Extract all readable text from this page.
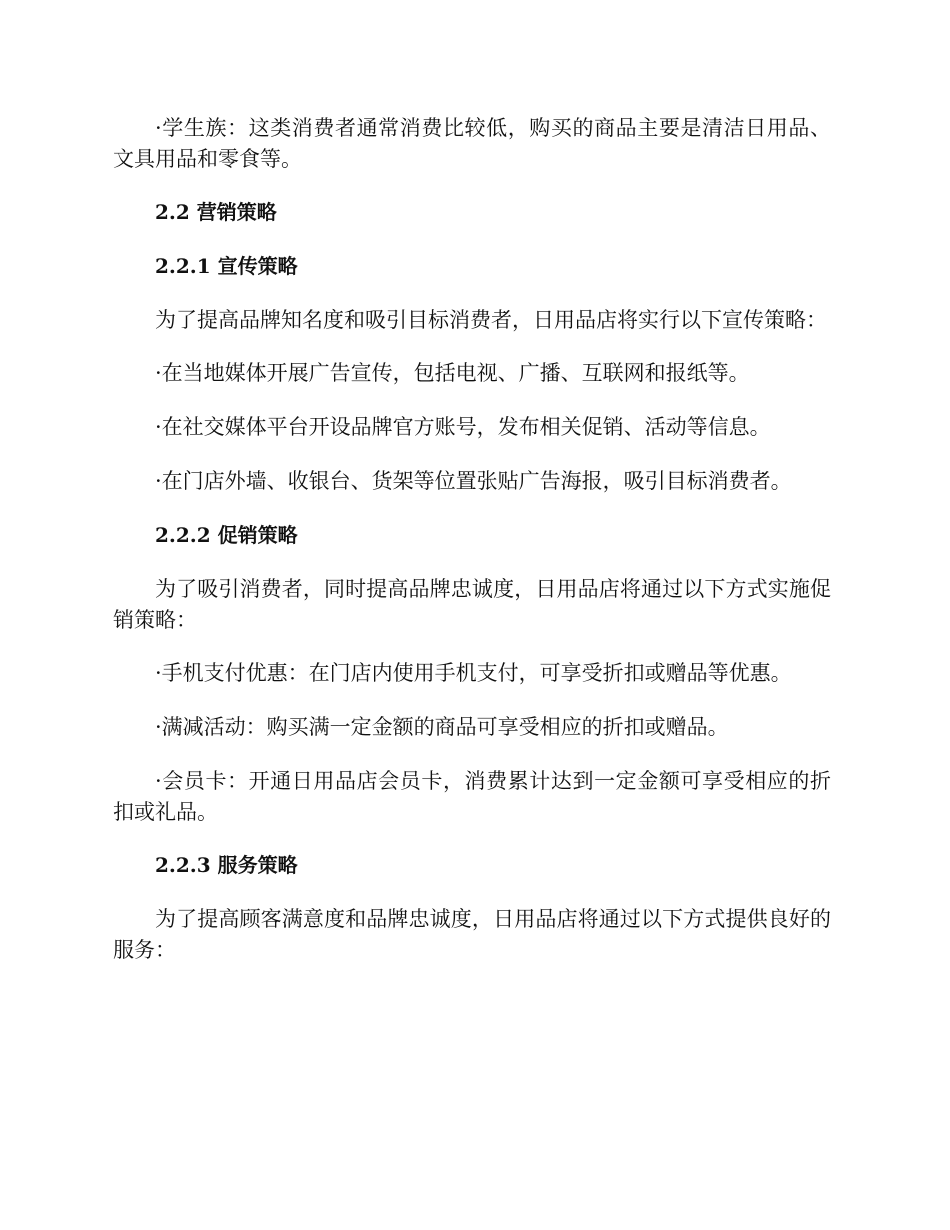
·学生族：这类消费者通常消费比较低，购买的商品主要是清洁日用品、文具用品和零食等。

2.2 营销策略
2.2.1 宣传策略

为了提高品牌知名度和吸引目标消费者，日用品店将实行以下宣传策略：

·在当地媒体开展广告宣传，包括电视、广播、互联网和报纸等。

·在社交媒体平台开设品牌官方账号，发布相关促销、活动等信息。

·在门店外墙、收银台、货架等位置张贴广告海报，吸引目标消费者。

2.2.2 促销策略

为了吸引消费者，同时提高品牌忠诚度，日用品店将通过以下方式实施促销策略：

·手机支付优惠：在门店内使用手机支付，可享受折扣或赠品等优惠。

·满减活动：购买满一定金额的商品可享受相应的折扣或赠品。

·会员卡：开通日用品店会员卡，消费累计达到一定金额可享受相应的折扣或礼品。

2.2.3 服务策略

为了提高顾客满意度和品牌忠诚度，日用品店将通过以下方式提供良好的服务：
